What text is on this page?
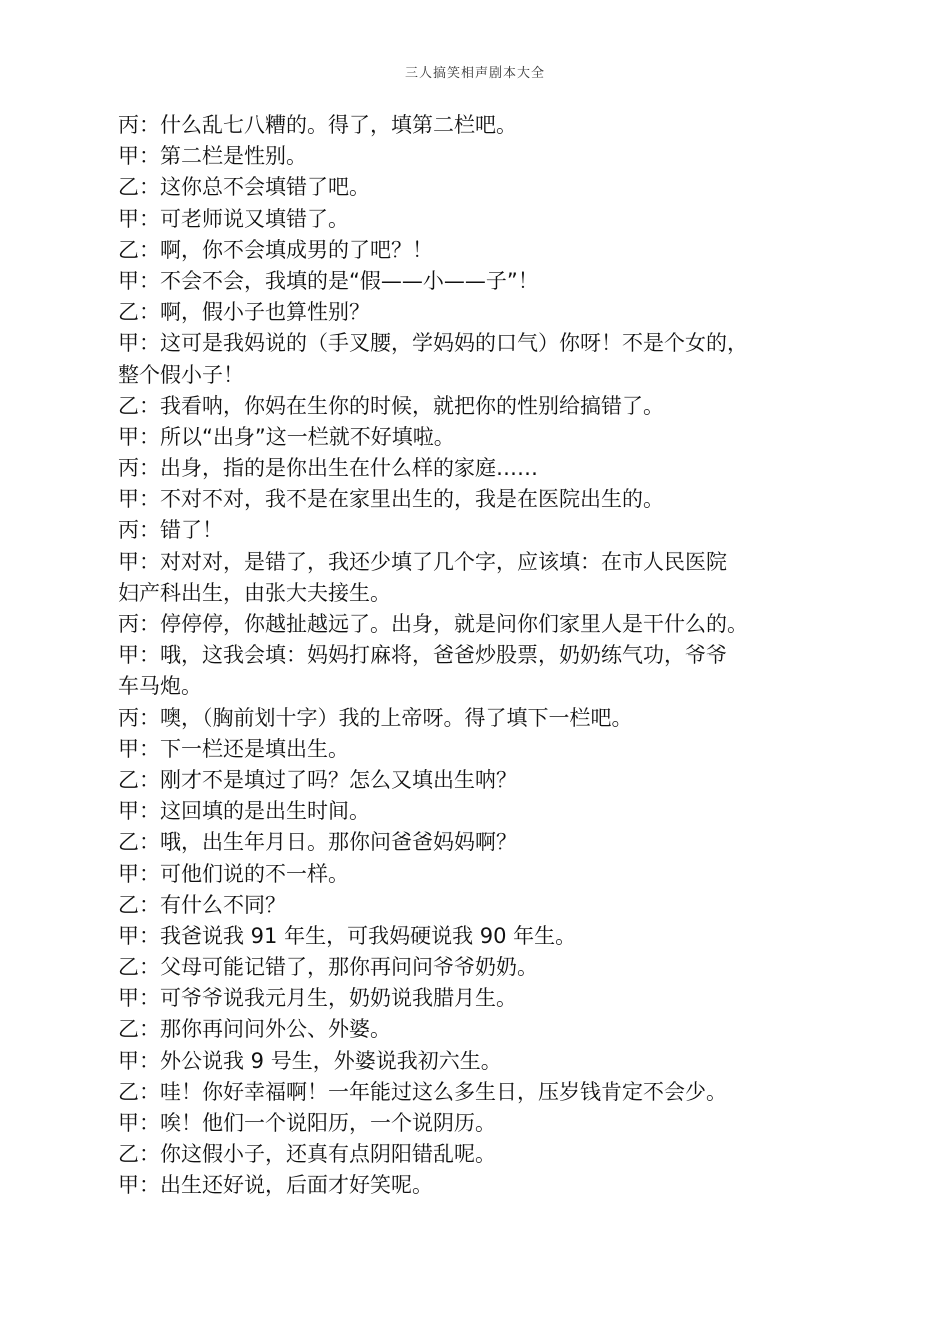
三人搞笑相声剧本大全
丙：什么乱七八糟的。得了，填第二栏吧。
甲：第二栏是性别。
乙：这你总不会填错了吧。
甲：可老师说又填错了。
乙：啊，你不会填成男的了吧？！
甲：不会不会，我填的是“假——小——子”！
乙：啊，假小子也算性别？
甲：这可是我妈说的（手叉腰，学妈妈的口气）你呀！不是个女的，
整个假小子！
乙：我看呐，你妈在生你的时候，就把你的性别给搞错了。
甲：所以“出身”这一栏就不好填啦。
丙：出身，指的是你出生在什么样的家庭……
甲：不对不对，我不是在家里出生的，我是在医院出生的。
丙：错了！
甲：对对对，是错了，我还少填了几个字，应该填：在市人民医院
妇产科出生，由张大夫接生。
丙：停停停，你越扯越远了。出身，就是问你们家里人是干什么的。
甲：哦，这我会填：妈妈打麻将，爸爸炒股票，奶奶练气功，爷爷
车马炮。
丙：噢，（胸前划十字）我的上帝呀。得了填下一栏吧。
甲：下一栏还是填出生。
乙：刚才不是填过了吗？怎么又填出生呐？
甲：这回填的是出生时间。
乙：哦，出生年月日。那你问爸爸妈妈啊？
甲：可他们说的不一样。
乙：有什么不同？
甲：我爸说我 91 年生，可我妈硬说我 90 年生。
乙：父母可能记错了，那你再问问爷爷奶奶。
甲：可爷爷说我元月生，奶奶说我腊月生。
乙：那你再问问外公、外婆。
甲：外公说我 9 号生，外婆说我初六生。
乙：哇！你好幸福啊！一年能过这么多生日，压岁钱肯定不会少。
甲：唉！他们一个说阳历，一个说阴历。
乙：你这假小子，还真有点阴阳错乱呢。
甲：出生还好说，后面才好笑呢。
